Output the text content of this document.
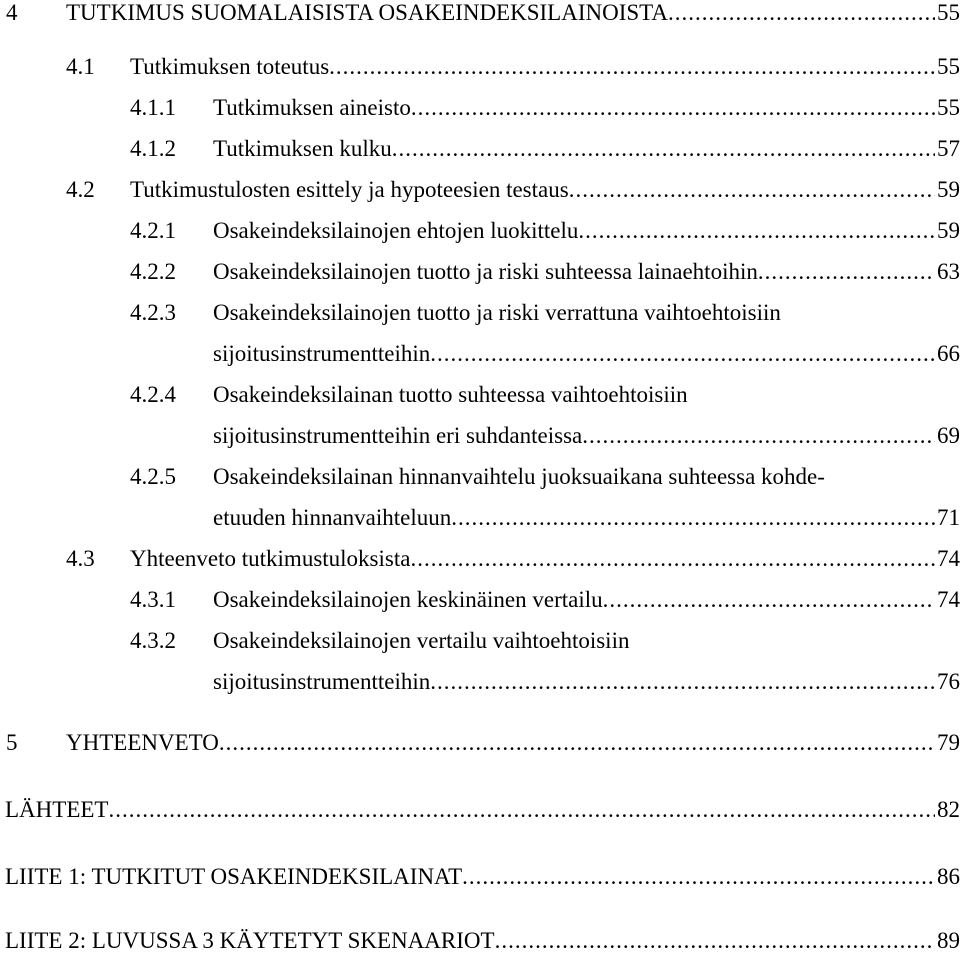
4 TUTKIMUS SUOMALAISISTA OSAKEINDEKSILAINOISTA .....	55
4.1 Tutkimuksen toteutus .....	55
4.1.1 Tutkimuksen aineisto .....	55
4.1.2 Tutkimuksen kulku .....	57
4.2 Tutkimustulosten esittely ja hypoteesien testaus .....	59
4.2.1 Osakeindeksilainojen ehtojen luokittelu .....	59
4.2.2 Osakeindeksilainojen tuotto ja riski suhteessa lainaehtoihin .....	63
4.2.3 Osakeindeksilainojen tuotto ja riski verrattuna vaihtoehtoisiin
sijoitusinstrumentteihin .....	66
4.2.4 Osakeindeksilainan tuotto suhteessa vaihtoehtoisiin
sijoitusinstrumentteihin eri suhdanteissa .....	69
4.2.5 Osakeindeksilainan hinnanvaihtelu juoksuaikana suhteessa kohde-
etuuden hinnanvaihteluun .....	71
4.3 Yhteenveto tutkimustuloksista .....	74
4.3.1 Osakeindeksilainojen keskinäinen vertailu .....	74
4.3.2 Osakeindeksilainojen vertailu vaihtoehtoisiin
sijoitusinstrumentteihin .....	76
5 YHTEENVETO .....	79
LÄHTEET .....	82
LIITE 1: TUTKITUT OSAKEINDEKSILAINAT .....	86
LIITE 2: LUVUSSA 3 KÄYTETYT SKENAARIOT .....	89
